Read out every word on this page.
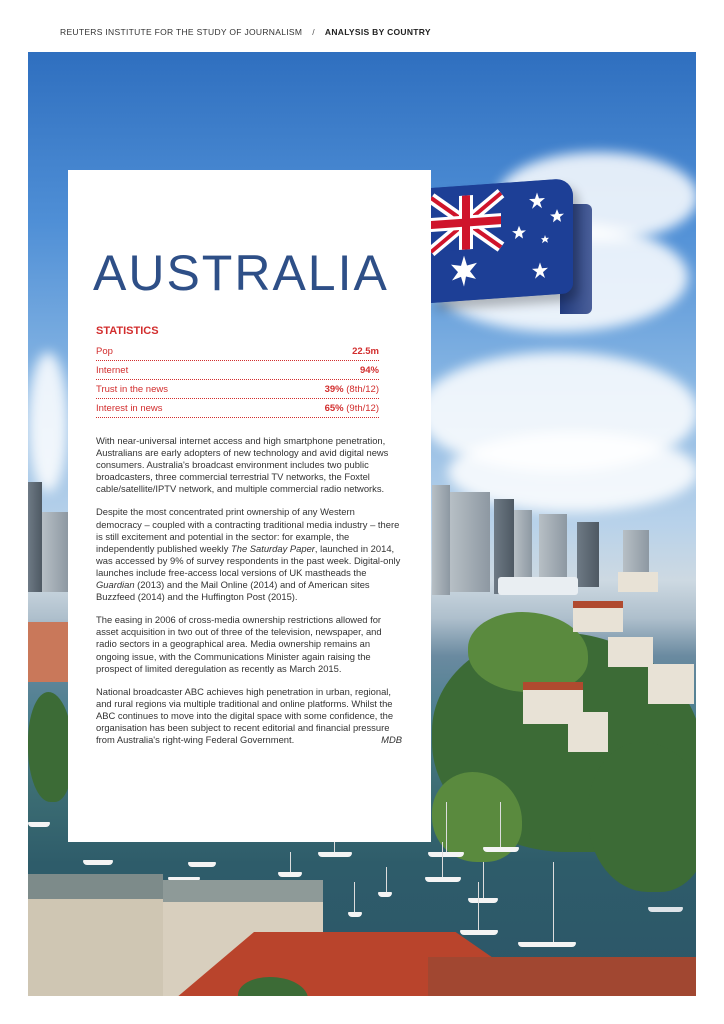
REUTERS INSTITUTE FOR THE STUDY OF JOURNALISM / ANALYSIS BY COUNTRY
AUSTRALIA
STATISTICS
Pop	22.5m
Internet	94%
Trust in the news	39% (8th/12)
Interest in news	65% (9th/12)

With near-universal internet access and high smartphone penetration, Australians are early adopters of new technology and avid digital news consumers. Australia's broadcast environment includes two public broadcasters, three commercial terrestrial TV networks, the Foxtel cable/satellite/IPTV network, and multiple commercial radio networks.

Despite the most concentrated print ownership of any Western democracy – coupled with a contracting traditional media industry – there is still excitement and potential in the sector: for example, the independently published weekly The Saturday Paper, launched in 2014, was accessed by 9% of survey respondents in the past week. Digital-only launches include free-access local versions of UK mastheads the Guardian (2013) and the Mail Online (2014) and of American sites Buzzfeed (2014) and the Huffington Post (2015).

The easing in 2006 of cross-media ownership restrictions allowed for asset acquisition in two out of three of the television, newspaper, and radio sectors in a geographical area. Media ownership remains an ongoing issue, with the Communications Minister again raising the prospect of limited deregulation as recently as March 2015.

National broadcaster ABC achieves high penetration in urban, regional, and rural regions via multiple traditional and online platforms. Whilst the ABC continues to move into the digital space with some confidence, the organisation has been subject to recent editorial and financial pressure from Australia's right-wing Federal Government.	MDB
